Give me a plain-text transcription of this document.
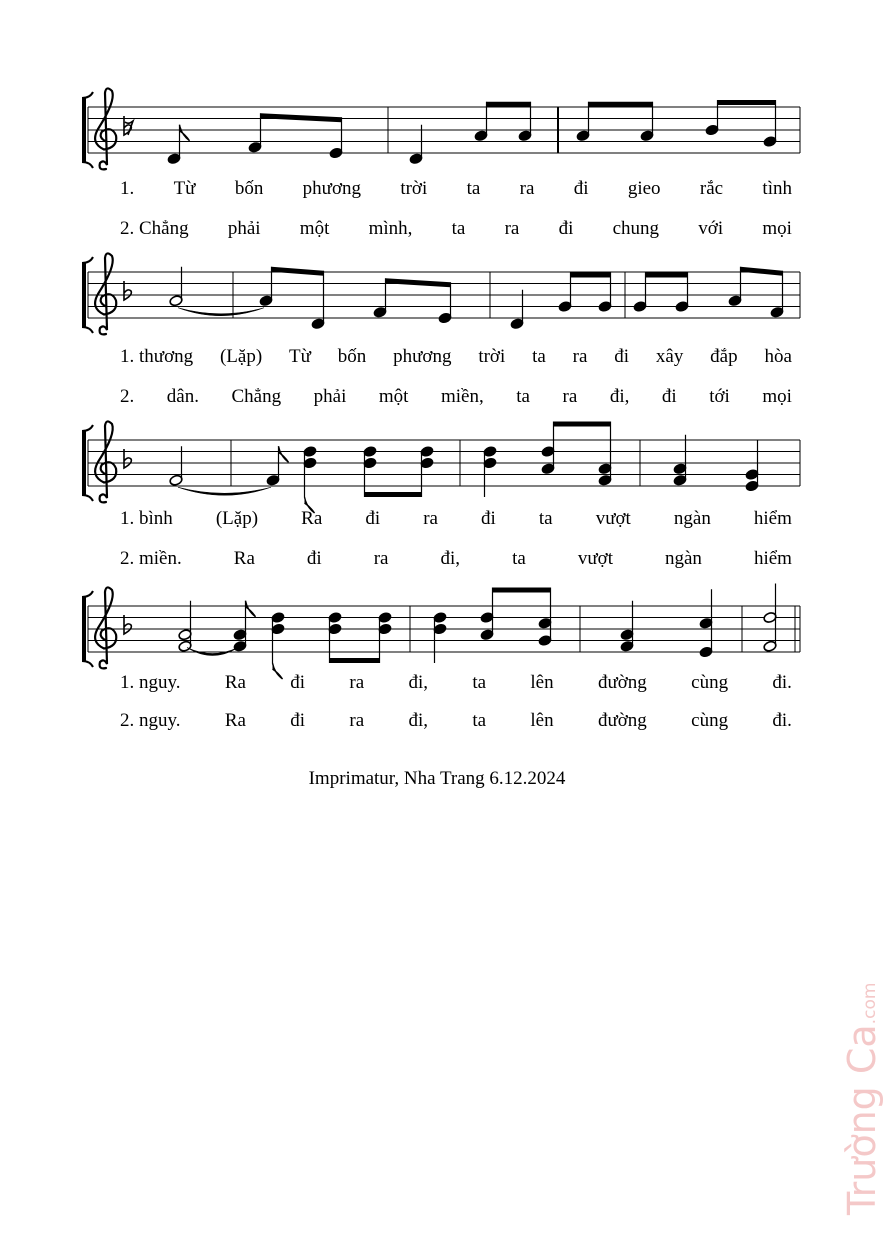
1. Từ bốn phương trời ta ra đi gieo rắc tình
2. Chẳng phải một mình, ta ra đi chung với mọi
1. thương (Lặp) Từ bốn phương trời ta ra đi xây đắp hòa
2. dân. Chẳng phải một miền, ta ra đi, đi tới mọi
1. bình (Lặp) Ra đi ra đi ta vượt ngàn hiểm
2. miền.	Ra	đi	ra	đi,	ta	vượt	ngàn	hiểm
1. nguy. Ra đi ra đi, ta lên đường cùng đi.
2. nguy. Ra đi ra đi, ta lên đường cùng đi.
Imprimatur, Nha Trang 6.12.2024
Trường Ca.com
